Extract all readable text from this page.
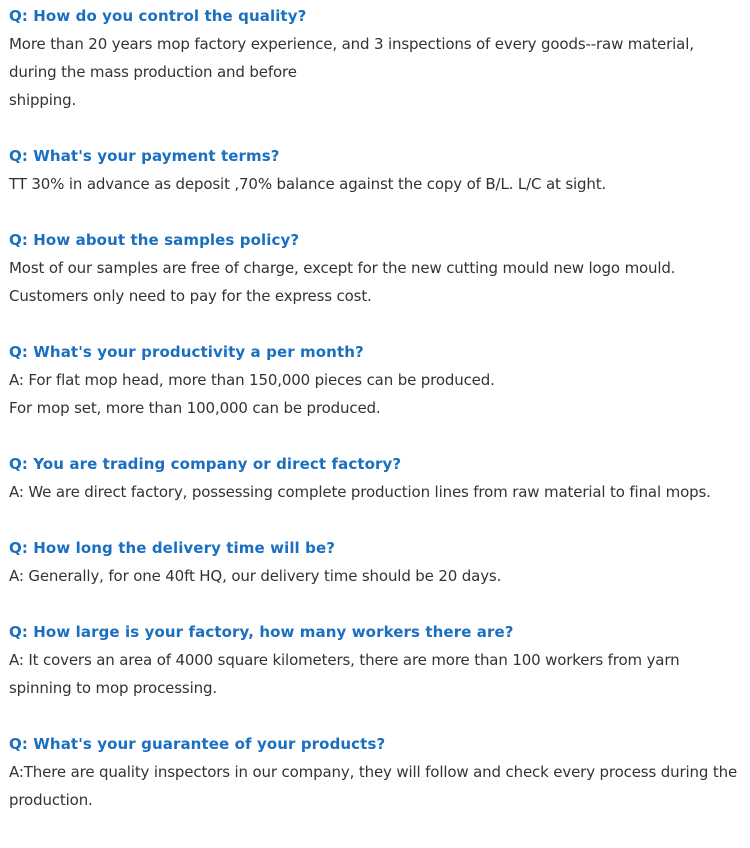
Q: How do you control the quality?
More than 20 years mop factory experience, and 3 inspections of every goods--raw material,
during the mass production and before
shipping.
Q: What's your payment terms?
TT 30% in advance as deposit ,70% balance against the copy of B/L. L/C at sight.
Q: How about the samples policy?
Most of our samples are free of charge, except for the new cutting mould new logo mould.
Customers only need to pay for the express cost.
Q: What's your productivity a per month?
A: For flat mop head, more than 150,000 pieces can be produced.
For mop set, more than 100,000 can be produced.
Q: You are trading company or direct factory?
A: We are direct factory, possessing complete production lines from raw material to final mops.
Q: How long the delivery time will be?
A: Generally, for one 40ft HQ, our delivery time should be 20 days.
Q: How large is your factory, how many workers there are?
A: It covers an area of 4000 square kilometers, there are more than 100 workers from yarn
spinning to mop processing.
Q: What's your guarantee of your products?
A:There are quality inspectors in our company, they will follow and check every process during the
production.
